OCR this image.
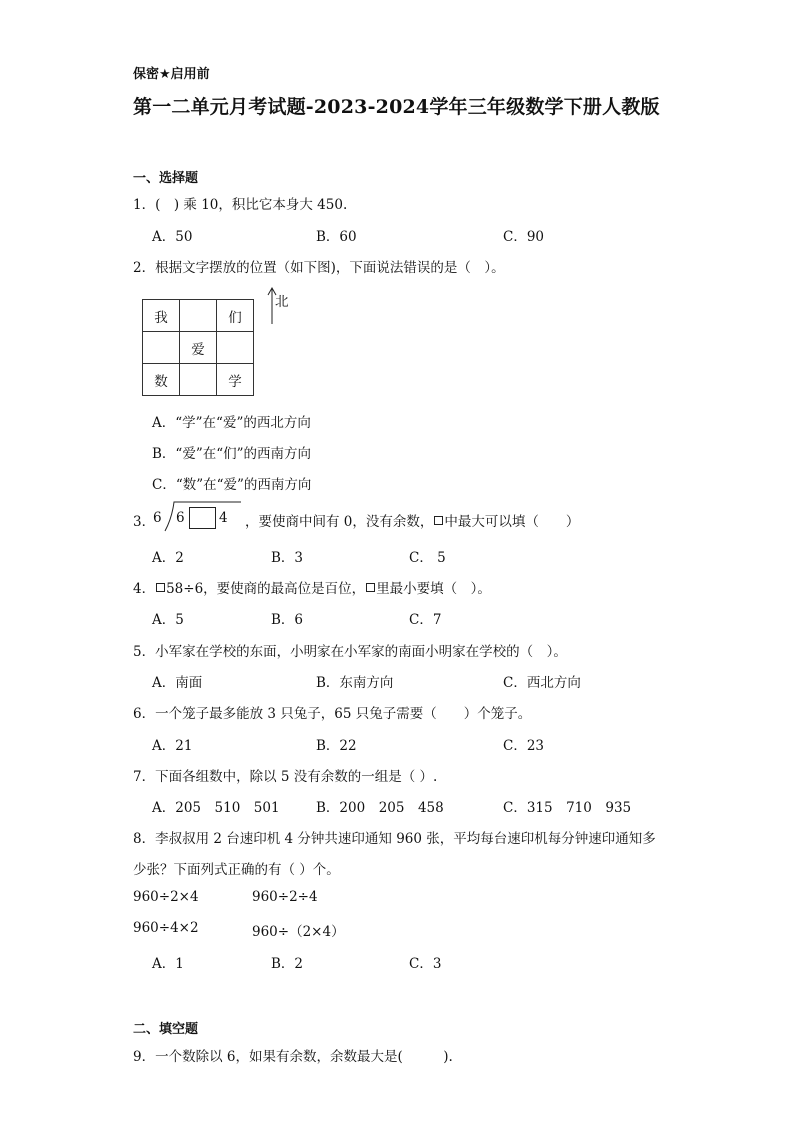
保密★启用前
第一二单元月考试题-2023-2024学年三年级数学下册人教版
一、选择题
1．(　) 乘 10，积比它本身大 450.
A．50	B．60	C．90
2．根据文字摆放的位置（如下图)，下面说法错误的是（　）。
我		们
	爱	
数		学
北
A．“学”在“爱”的西北方向
B．“爱”在“们”的西南方向
C．“数”在“爱”的西南方向
3．
6 6	4 ，要使商中间有 0，没有余数， 中最大可以填（　　）
A．2	B．3	C． 5
4． 58÷6，要使商的最高位是百位， 里最小要填（　）。
A．5	B．6	C．7
5．小军家在学校的东面，小明家在小军家的南面小明家在学校的（　）。
A．南面	B．东南方向	C．西北方向
6．一个笼子最多能放 3 只兔子，65 只兔子需要（　　）个笼子。
A．21	B．22	C．23
7．下面各组数中，除以 5 没有余数的一组是（ ）.
A．205　510　501	B．200　205　458	C．315　710　935
8．李叔叔用 2 台速印机 4 分钟共速印通知 960 张，平均每台速印机每分钟速印通知多
少张？下面列式正确的有（ ）个。
960÷2×4	960÷2÷4
960÷4×2	960÷（2×4）
A．1	B．2	C．3
二、填空题
9．一个数除以 6，如果有余数，余数最大是(　　　).
